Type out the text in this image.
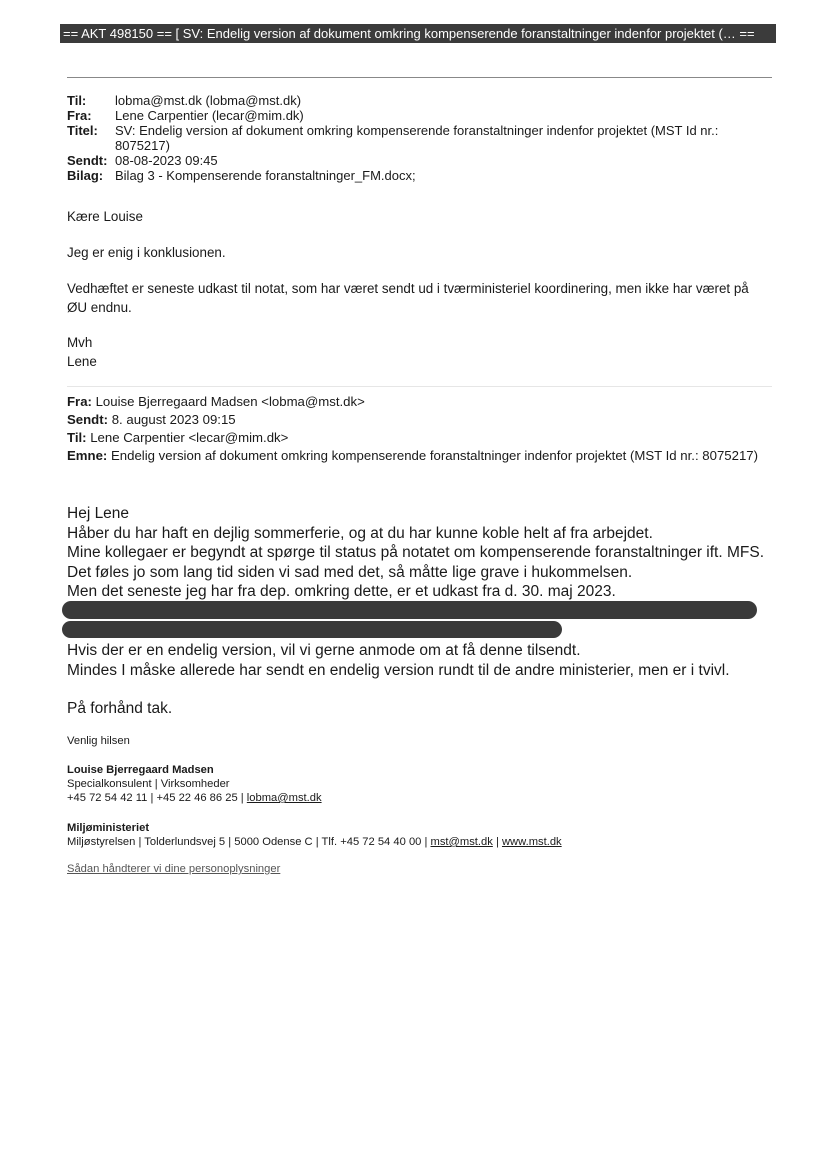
== AKT 498150 == [ SV: Endelig version af dokument omkring kompenserende foranstaltninger indenfor projektet (… ==
Til:	lobma@mst.dk (lobma@mst.dk)
Fra:	Lene Carpentier (lecar@mim.dk)
Titel:	SV: Endelig version af dokument omkring kompenserende foranstaltninger indenfor projektet (MST Id nr.: 8075217)
Sendt: 08-08-2023 09:45
Bilag: Bilag 3 - Kompenserende foranstaltninger_FM.docx;
Kære Louise
Jeg er enig i konklusionen.
Vedhæftet er seneste udkast til notat, som har været sendt ud i tværministeriel koordinering, men ikke har været på ØU endnu.
Mvh
Lene
Fra: Louise Bjerregaard Madsen <lobma@mst.dk>
Sendt: 8. august 2023 09:15
Til: Lene Carpentier <lecar@mim.dk>
Emne: Endelig version af dokument omkring kompenserende foranstaltninger indenfor projektet (MST Id nr.: 8075217)
Hej Lene
Håber du har haft en dejlig sommerferie, og at du har kunne koble helt af fra arbejdet.
Mine kollegaer er begyndt at spørge til status på notatet om kompenserende foranstaltninger ift. MFS.
Det føles jo som lang tid siden vi sad med det, så måtte lige grave i hukommelsen.
Men det seneste jeg har fra dep. omkring dette, er et udkast fra d. 30. maj 2023.
Hvis der er en endelig version, vil vi gerne anmode om at få denne tilsendt.
Mindes I måske allerede har sendt en endelig version rundt til de andre ministerier, men er i tvivl.
På forhånd tak.
Venlig hilsen
Louise Bjerregaard Madsen
Specialkonsulent | Virksomheder
+45 72 54 42 11 | +45 22 46 86 25 | lobma@mst.dk
Miljøministeriet
Miljøstyrelsen | Tolderlundsvej 5 | 5000 Odense C | Tlf. +45 72 54 40 00 | mst@mst.dk | www.mst.dk
Sådan håndterer vi dine personoplysninger
